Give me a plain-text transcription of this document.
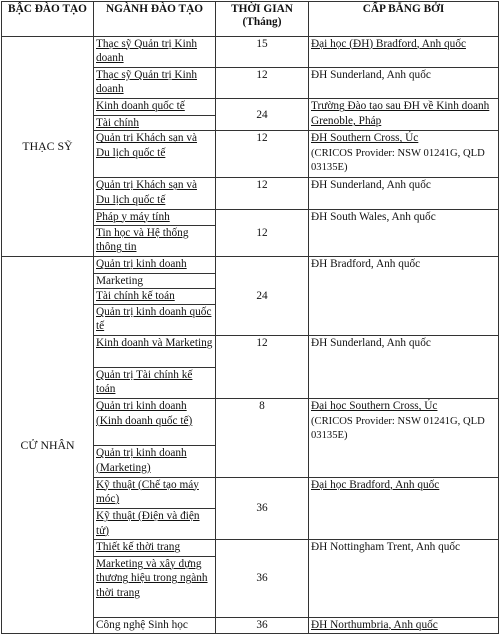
BẬC ĐÀO TẠO	NGÀNH ĐÀO TẠO	THỜI GIAN (Tháng)	CẤP BẰNG BỞI
THẠC SỸ	Thạc sỹ Quản trị Kinh doanh	15	Đại học (ĐH) Bradford, Anh quốc
	Thạc sỹ Quản trị Kinh doanh	12	ĐH Sunderland, Anh quốc
	Kinh doanh quốc tế	24	Trường Đào tạo sau ĐH về Kinh doanh Grenoble, Pháp
	Tài chính		
	Quản trị Khách sạn và Du lịch quốc tế	12	ĐH Southern Cross, Úc
(CRICOS Provider: NSW 01241G, QLD 03135E)
	Quản trị Khách sạn và Du lịch quốc tế	12	ĐH Sunderland, Anh quốc
	Pháp y máy tính	12	ĐH South Wales, Anh quốc
	Tin học và Hệ thống thông tin		
CỬ NHÂN	Quản trị kinh doanh	24	ĐH Bradford, Anh quốc
	Marketing		
	Tài chính kế toán		
	Quản trị kinh doanh quốc tế		
	Kinh doanh và Marketing	12	ĐH Sunderland, Anh quốc
	Quản trị Tài chính kế toán		
	Quản trị kinh doanh (Kinh doanh quốc tế)	8	Đại học Southern Cross, Úc
(CRICOS Provider: NSW 01241G, QLD 03135E)
	Quản trị kinh doanh (Marketing)		
	Kỹ thuật (Chế tạo máy móc)	36	Đại học Bradford, Anh quốc
	Kỹ thuật (Điện và điện tử)		
	Thiết kế thời trang	36	ĐH Nottingham Trent, Anh quốc
	Marketing và xây dựng thương hiệu trong ngành thời trang		
	Công nghệ Sinh học	36	ĐH Northumbria, Anh quốc
